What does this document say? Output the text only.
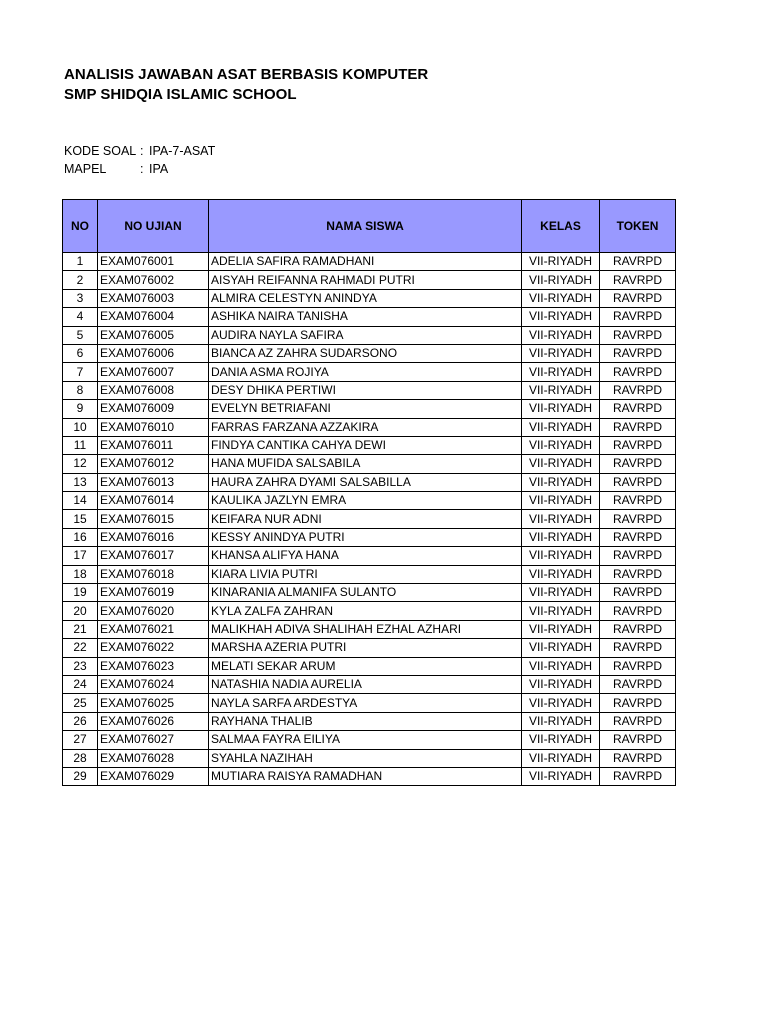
ANALISIS JAWABAN ASAT BERBASIS KOMPUTER
SMP SHIDQIA ISLAMIC SCHOOL
KODE SOAL : IPA-7-ASAT
MAPEL	: IPA
NO	NO UJIAN	NAMA SISWA	KELAS	TOKEN
1	EXAM076001	ADELIA SAFIRA RAMADHANI	VII-RIYADH	RAVRPD
2	EXAM076002	AISYAH REIFANNA RAHMADI PUTRI	VII-RIYADH	RAVRPD
3	EXAM076003	ALMIRA CELESTYN ANINDYA	VII-RIYADH	RAVRPD
4	EXAM076004	ASHIKA NAIRA TANISHA	VII-RIYADH	RAVRPD
5	EXAM076005	AUDIRA NAYLA SAFIRA	VII-RIYADH	RAVRPD
6	EXAM076006	BIANCA AZ ZAHRA SUDARSONO	VII-RIYADH	RAVRPD
7	EXAM076007	DANIA ASMA ROJIYA	VII-RIYADH	RAVRPD
8	EXAM076008	DESY DHIKA PERTIWI	VII-RIYADH	RAVRPD
9	EXAM076009	EVELYN BETRIAFANI	VII-RIYADH	RAVRPD
10	EXAM076010	FARRAS FARZANA AZZAKIRA	VII-RIYADH	RAVRPD
11	EXAM076011	FINDYA CANTIKA CAHYA DEWI	VII-RIYADH	RAVRPD
12	EXAM076012	HANA MUFIDA SALSABILA	VII-RIYADH	RAVRPD
13	EXAM076013	HAURA ZAHRA DYAMI SALSABILLA	VII-RIYADH	RAVRPD
14	EXAM076014	KAULIKA JAZLYN EMRA	VII-RIYADH	RAVRPD
15	EXAM076015	KEIFARA NUR ADNI	VII-RIYADH	RAVRPD
16	EXAM076016	KESSY ANINDYA PUTRI	VII-RIYADH	RAVRPD
17	EXAM076017	KHANSA ALIFYA HANA	VII-RIYADH	RAVRPD
18	EXAM076018	KIARA LIVIA PUTRI	VII-RIYADH	RAVRPD
19	EXAM076019	KINARANIA ALMANIFA SULANTO	VII-RIYADH	RAVRPD
20	EXAM076020	KYLA ZALFA ZAHRAN	VII-RIYADH	RAVRPD
21	EXAM076021	MALIKHAH ADIVA SHALIHAH EZHAL AZHARI	VII-RIYADH	RAVRPD
22	EXAM076022	MARSHA AZERIA PUTRI	VII-RIYADH	RAVRPD
23	EXAM076023	MELATI SEKAR ARUM	VII-RIYADH	RAVRPD
24	EXAM076024	NATASHIA NADIA AURELIA	VII-RIYADH	RAVRPD
25	EXAM076025	NAYLA SARFA ARDESTYA	VII-RIYADH	RAVRPD
26	EXAM076026	RAYHANA THALIB	VII-RIYADH	RAVRPD
27	EXAM076027	SALMAA FAYRA EILIYA	VII-RIYADH	RAVRPD
28	EXAM076028	SYAHLA NAZIHAH	VII-RIYADH	RAVRPD
29	EXAM076029	MUTIARA RAISYA RAMADHAN	VII-RIYADH	RAVRPD
